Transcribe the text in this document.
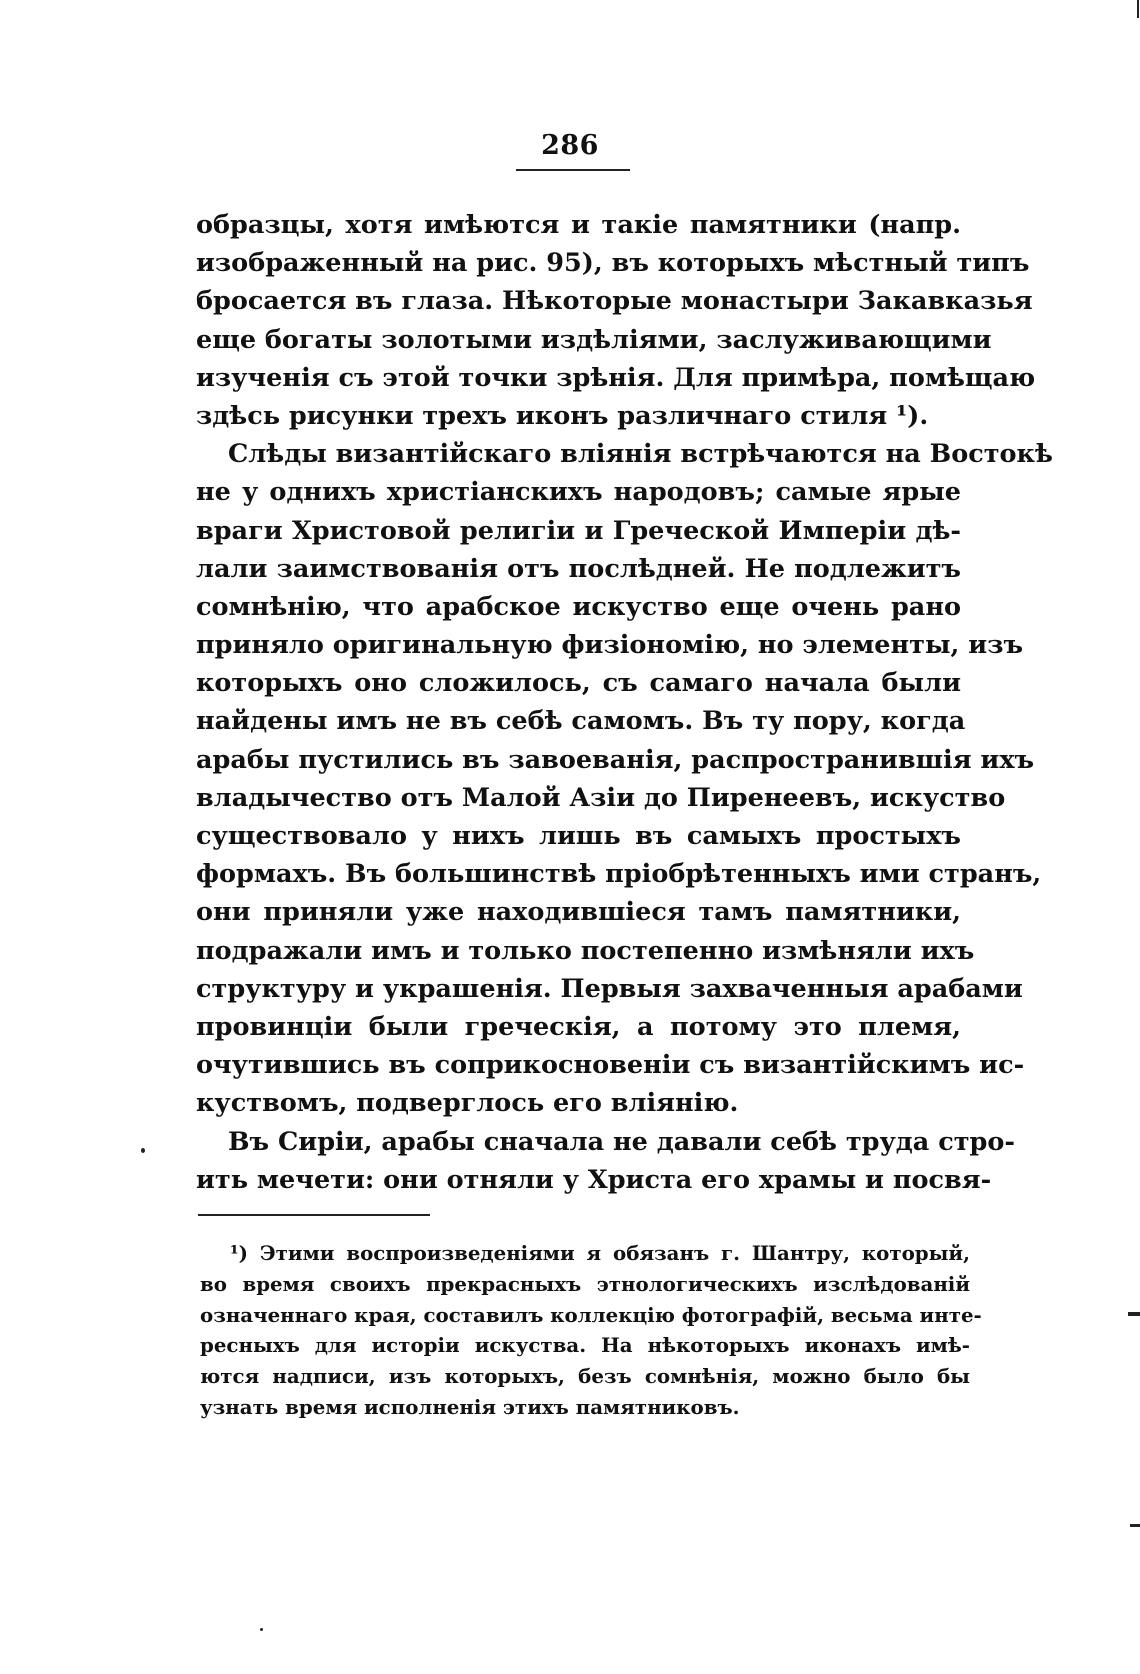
286
образцы, хотя имѣются и такіе памятники (напр.
изображенный на рис. 95), въ которыхъ мѣстный типъ
бросается въ глаза. Нѣкоторые монастыри Закавказья
еще богаты золотыми издѣліями, заслуживающими
изученія съ этой точки зрѣнія. Для примѣра, помѣщаю
здѣсь рисунки трехъ иконъ различнаго стиля ¹).
Слѣды византійскаго вліянія встрѣчаются на Востокѣ
не у однихъ христіанскихъ народовъ; самые ярые
враги Христовой религіи и Греческой Имперіи дѣ-
лали заимствованія отъ послѣдней. Не подлежитъ
сомнѣнію, что арабское искуство еще очень рано
приняло оригинальную физіономію, но элементы, изъ
которыхъ оно сложилось, съ самаго начала были
найдены имъ не въ себѣ самомъ. Въ ту пору, когда
арабы пустились въ завоеванія, распространившія ихъ
владычество отъ Малой Азіи до Пиренеевъ, искуство
существовало у нихъ лишь въ самыхъ простыхъ
формахъ. Въ большинствѣ пріобрѣтенныхъ ими странъ,
они приняли уже находившіеся тамъ памятники,
подражали имъ и только постепенно измѣняли ихъ
структуру и украшенія. Первыя захваченныя арабами
провинціи были греческія, а потому это племя,
очутившись въ соприкосновеніи съ византійскимъ ис-
куствомъ, подверглось его вліянію.
Въ Сиріи, арабы сначала не давали себѣ труда стро-
ить мечети: они отняли у Христа его храмы и посвя-
¹) Этими воспроизведеніями я обязанъ г. Шантру, который,
во время своихъ прекрасныхъ этнологическихъ изслѣдованій
означеннаго края, составилъ коллекцію фотографій, весьма инте-
ресныхъ для исторіи искуства. На нѣкоторыхъ иконахъ имѣ-
ются надписи, изъ которыхъ, безъ сомнѣнія, можно было бы
узнать время исполненія этихъ памятниковъ.
